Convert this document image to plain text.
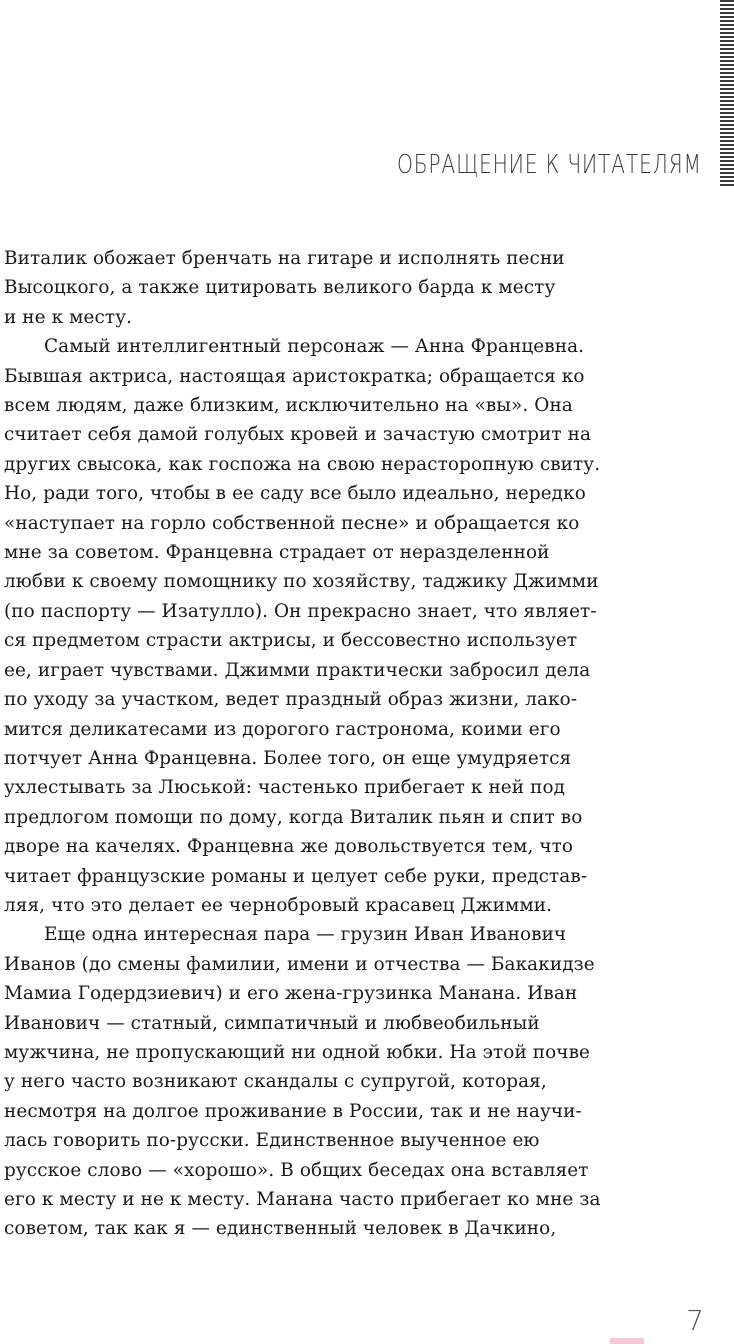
ОБРАЩЕНИЕ К ЧИТАТЕЛЯМ
Виталик обожает бренчать на гитаре и исполнять песни
Высоцкого, а также цитировать великого барда к месту
и не к месту.
Самый интеллигентный персонаж — Анна Францевна.
Бывшая актриса, настоящая аристократка; обращается ко
всем людям, даже близким, исключительно на «вы». Она
считает себя дамой голубых кровей и зачастую смотрит на
других свысока, как госпожа на свою нерасторопную свиту.
Но, ради того, чтобы в ее саду все было идеально, нередко
«наступает на горло собственной песне» и обращается ко
мне за советом. Францевна страдает от неразделенной
любви к своему помощнику по хозяйству, таджику Джимми
(по паспорту — Изатулло). Он прекрасно знает, что являет-
ся предметом страсти актрисы, и бессовестно использует
ее, играет чувствами. Джимми практически забросил дела
по уходу за участком, ведет праздный образ жизни, лако-
мится деликатесами из дорогого гастронома, коими его
потчует Анна Францевна. Более того, он еще умудряется
ухлестывать за Люськой: частенько прибегает к ней под
предлогом помощи по дому, когда Виталик пьян и спит во
дворе на качелях. Францевна же довольствуется тем, что
читает французские романы и целует себе руки, представ-
ляя, что это делает ее чернобровый красавец Джимми.
Еще одна интересная пара — грузин Иван Иванович
Иванов (до смены фамилии, имени и отчества — Бакакидзе
Мамиа Годердзиевич) и его жена-грузинка Манана. Иван
Иванович — статный, симпатичный и любвеобильный
мужчина, не пропускающий ни одной юбки. На этой почве
у него часто возникают скандалы с супругой, которая,
несмотря на долгое проживание в России, так и не научи-
лась говорить по-русски. Единственное выученное ею
русское слово — «хорошо». В общих беседах она вставляет
его к месту и не к месту. Манана часто прибегает ко мне за
советом, так как я — единственный человек в Дачкино,
7
